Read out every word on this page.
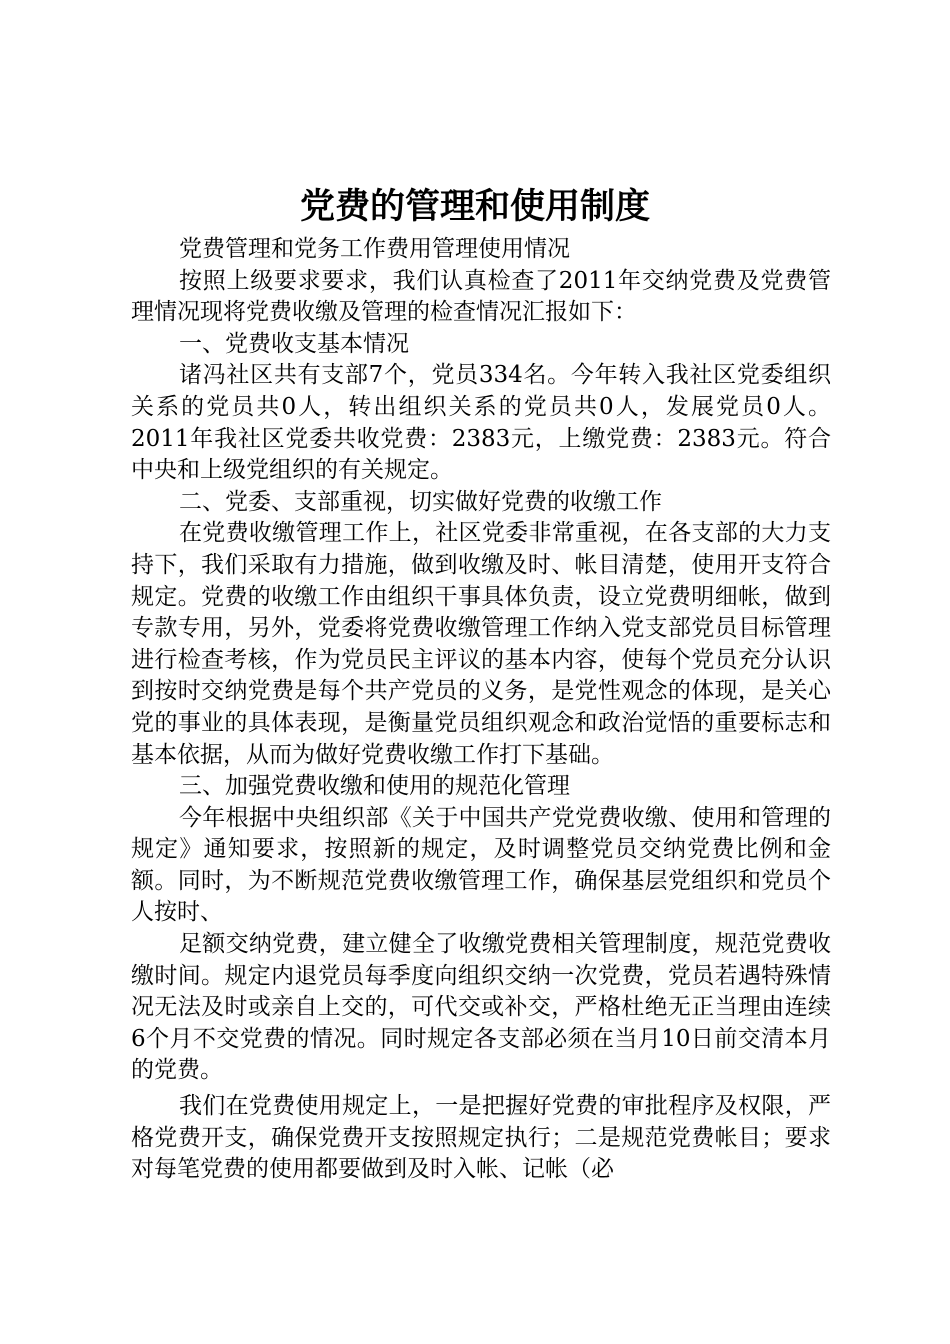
党费的管理和使用制度

党费管理和党务工作费用管理使用情况

按照上级要求要求，我们认真检查了2011年交纳党费及党费管理情况现将党费收缴及管理的检查情况汇报如下：

一、党费收支基本情况

诸冯社区共有支部7个，党员334名。今年转入我社区党委组织关系的党员共0人，转出组织关系的党员共0人，发展党员0人。2011年我社区党委共收党费：2383元，上缴党费：2383元。符合中央和上级党组织的有关规定。

二、党委、支部重视，切实做好党费的收缴工作

在党费收缴管理工作上，社区党委非常重视，在各支部的大力支持下，我们采取有力措施，做到收缴及时、帐目清楚，使用开支符合规定。党费的收缴工作由组织干事具体负责，设立党费明细帐，做到专款专用，另外，党委将党费收缴管理工作纳入党支部党员目标管理进行检查考核，作为党员民主评议的基本内容，使每个党员充分认识到按时交纳党费是每个共产党员的义务，是党性观念的体现，是关心党的事业的具体表现，是衡量党员组织观念和政治觉悟的重要标志和基本依据，从而为做好党费收缴工作打下基础。

三、加强党费收缴和使用的规范化管理

今年根据中央组织部《关于中国共产党党费收缴、使用和管理的规定》通知要求，按照新的规定，及时调整党员交纳党费比例和金额。同时，为不断规范党费收缴管理工作，确保基层党组织和党员个人按时、

足额交纳党费，建立健全了收缴党费相关管理制度，规范党费收缴时间。规定内退党员每季度向组织交纳一次党费，党员若遇特殊情况无法及时或亲自上交的，可代交或补交，严格杜绝无正当理由连续6个月不交党费的情况。同时规定各支部必须在当月10日前交清本月的党费。

我们在党费使用规定上，一是把握好党费的审批程序及权限，严格党费开支，确保党费开支按照规定执行；二是规范党费帐目；要求对每笔党费的使用都要做到及时入帐、记帐（必
